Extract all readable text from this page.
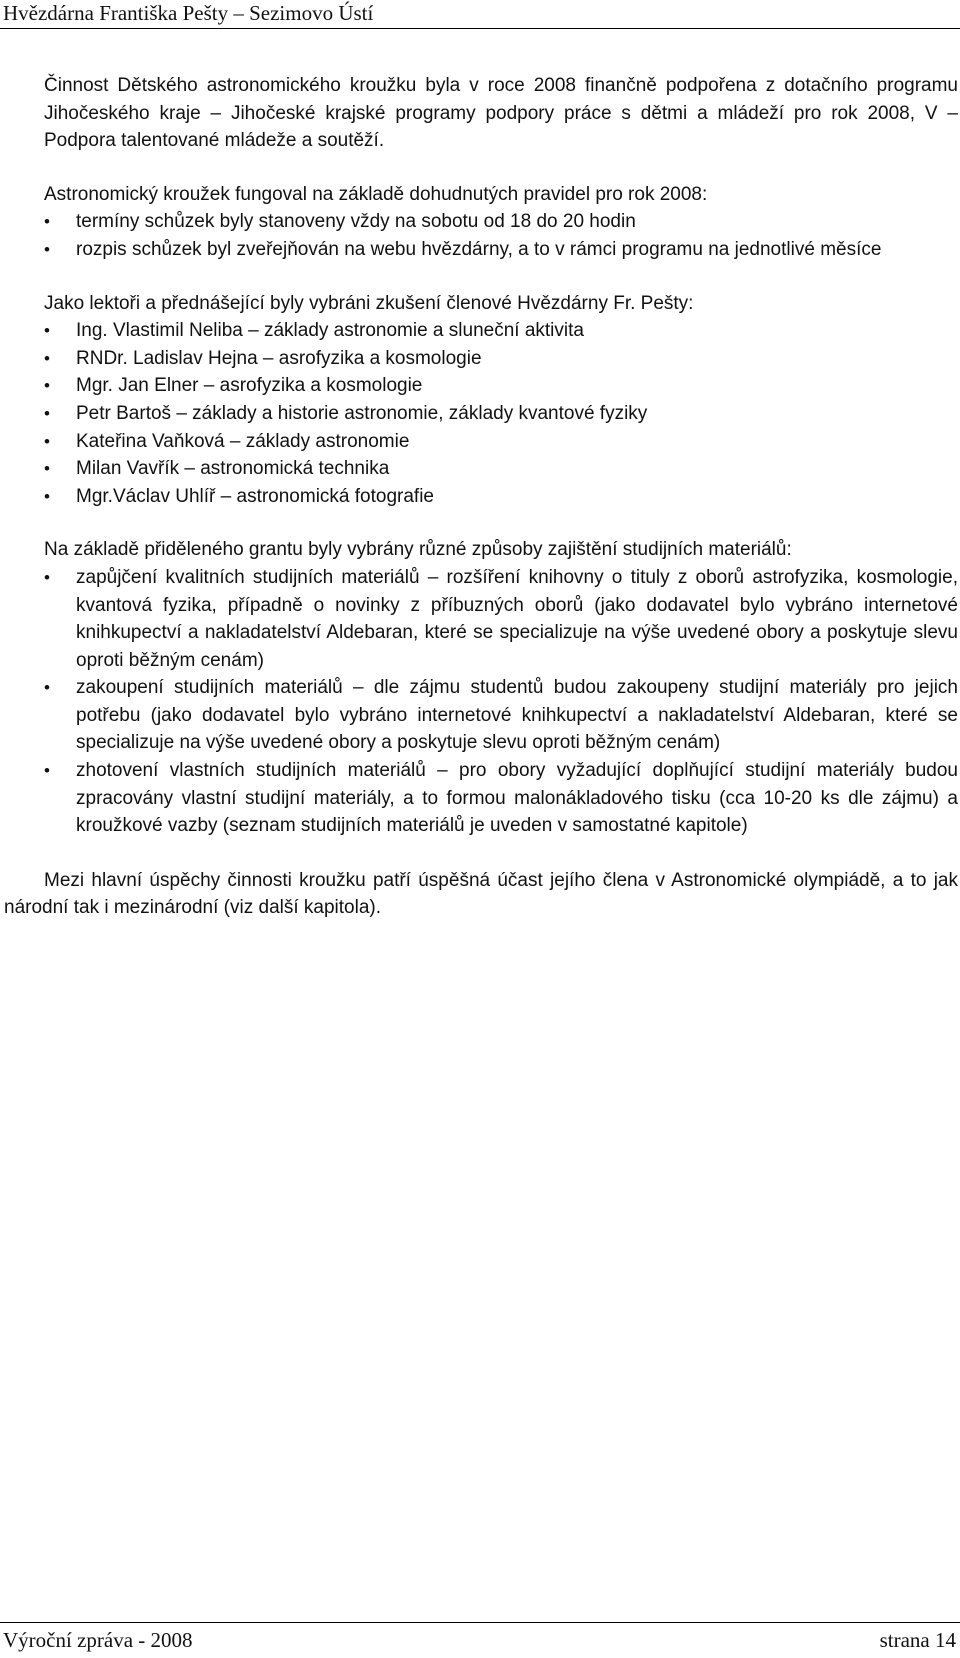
Hvězdárna Františka Pešty – Sezimovo Ústí

Činnost Dětského astronomického kroužku byla v roce 2008 finančně podpořena z dotačního programu Jihočeského kraje – Jihočeské krajské programy podpory práce s dětmi a mládeží pro rok 2008, V – Podpora talentované mládeže a soutěží.

Astronomický kroužek fungoval na základě dohudnutých pravidel pro rok 2008:

• termíny schůzek byly stanoveny vždy na sobotu od 18 do 20 hodin
• rozpis schůzek byl zveřejňován na webu hvězdárny, a to v rámci programu na jednotlivé měsíce

Jako lektoři a přednášející byly vybráni zkušení členové Hvězdárny Fr. Pešty:

• Ing. Vlastimil Neliba – základy astronomie a sluneční aktivita
• RNDr. Ladislav Hejna – asrofyzika a kosmologie
• Mgr. Jan Elner – asrofyzika a kosmologie
• Petr Bartoš – základy a historie astronomie, základy kvantové fyziky
• Kateřina Vaňková – základy astronomie
• Milan Vavřík – astronomická technika
• Mgr.Václav Uhlíř – astronomická fotografie

Na základě přiděleného grantu byly vybrány různé způsoby zajištění studijních materiálů:

• zapůjčení kvalitních studijních materiálů – rozšíření knihovny o tituly z oborů astrofyzika, kosmologie, kvantová fyzika, případně o novinky z příbuzných oborů (jako dodavatel bylo vybráno internetové knihkupectví a nakladatelství Aldebaran, které se specializuje na výše uvedené obory a poskytuje slevu oproti běžným cenám)
• zakoupení studijních materiálů – dle zájmu studentů budou zakoupeny studijní materiály pro jejich potřebu (jako dodavatel bylo vybráno internetové knihkupectví a nakladatelství Aldebaran, které se specializuje na výše uvedené obory a poskytuje slevu oproti běžným cenám)
• zhotovení vlastních studijních materiálů – pro obory vyžadující doplňující studijní materiály budou zpracovány vlastní studijní materiály, a to formou malonákladového tisku (cca 10-20 ks dle zájmu) a kroužkové vazby (seznam studijních materiálů je uveden v samostatné kapitole)

Mezi hlavní úspěchy činnosti kroužku patří úspěšná účast jejího člena v Astronomické olympiádě, a to jak národní tak i mezinárodní (viz další kapitola).

Výroční zpráva - 2008	strana 14
